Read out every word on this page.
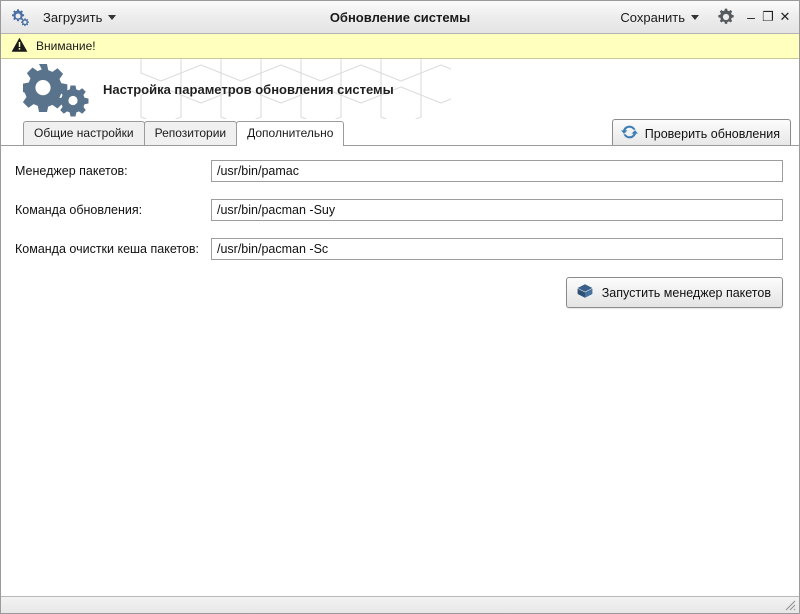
Загрузить	Обновление системы	Сохранить	– ❐ ✕
Внимание!
Настройка параметров обновления системы
Общие настройки	Репозитории	Дополнительно	Проверить обновления
Менеджер пакетов:
/usr/bin/pamac
Команда обновления:
/usr/bin/pacman -Suy
Команда очистки кеша пакетов:
/usr/bin/pacman -Sc
Запустить менеджер пакетов
